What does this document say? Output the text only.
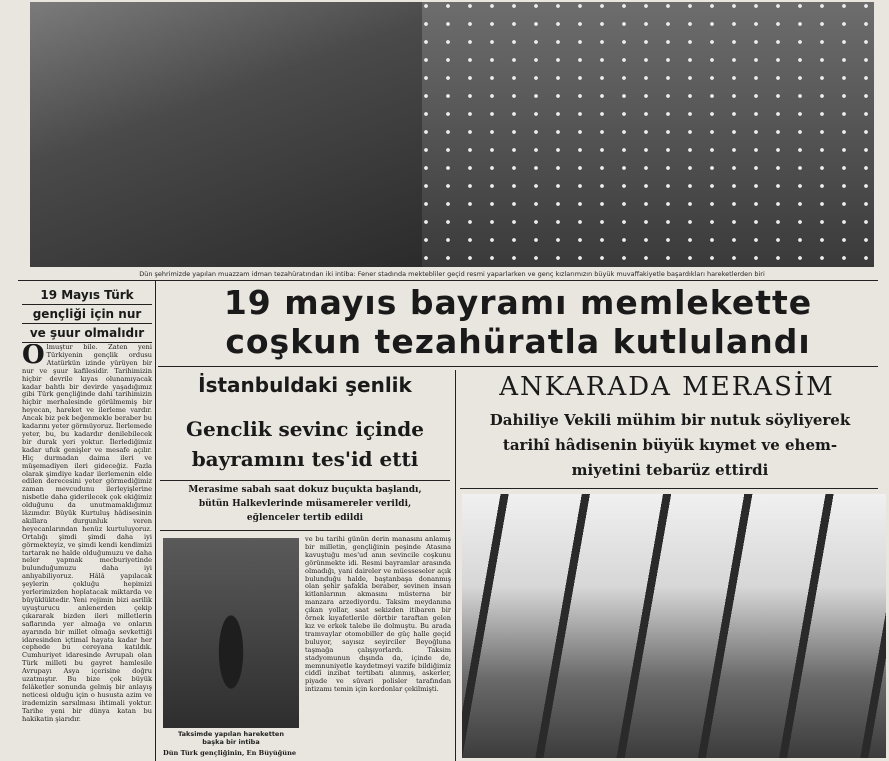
Dün şehrimizde yapılan muazzam idman tezahüratından iki intiba: Fener stadında mektebliler geçid resmi yaparlarken ve genç kızlarımızın büyük muvaffakiyetle başardıkları hareketlerden biri
19 mayıs bayramı memlekette
coşkun tezahüratla kutlulandı
19 Mayıs Türk
gençliği için nur
ve şuur olmalıdır
Olmuştur bile. Zaten yeni Türkiyenin gençlik ordusu Atatürkün izinde yürüyen bir nur ve şuur kafilesidir. Tarihimizin hiçbir devrile kıyas olunamıyacak kadar bahtlı bir devirde yaşadığımız gibi Türk gençliğinde dahi tarihimizin hiçbir merhalesinde görülmemiş bir heyecan, hareket ve ilerleme vardır. Ancak biz pek beğenmekle beraber bu kadarını yeter görmüyoruz. İlerlemede yeter, bu, bu kadardır denilebilecek bir durak yeri yoktur. İlerlediğimiz kadar ufuk genişler ve mesafe açılır. Hiç durmadan daima ileri ve müşemadiyen ileri gideceğiz. Fazla olarak şimdiye kadar ilerlemenin elde edilen derecesini yeter görmediğimiz zaman mevcudunu ilerleyişlerine nisbetle daha giderilecek çok ekiğimiz olduğunu da unutmamaklığımız lâzımdır. Büyük Kurtuluş hâdisesinin akıllara durgunluk veren heyecanlarından henüz kurtuluyoruz. Ortalığı şimdi şimdi daha iyi görmekteyiz, ve şimdi kendi kendimizi tartarak ne halde olduğumuzu ve daha neler yapmak mecburiyetinde bulunduğumuzu daha iyi anlıyabiliyoruz. Hâlâ yapılacak şeylerin çokluğu hepimizi yerlerimizden hoplatacak miktarda ve büyüklüktedir. Yeni rejimin bizi asrilik uyuşturucu anlenerden çekip çıkararak bizden ileri milletlerin saflarında yer almağa ve onların ayarında bir millet olmağa sevkettiği idaresinden içtimaî hayata kadar her cephede bu cereyana katıldık. Cumhuriyet idaresinde Avrupalı olan Türk milleti bu gayret hamlesile Avrupayı Asya içerisine doğru uzatmıştır. Bu bize çok büyük felâketler sonunda gelmiş bir anlayış neticesi olduğu için o hususta azim ve irademizin sarsılması ihtimali yoktur. Tarihe yeni bir dünya katan bu hakikatin şiarıdır.
İstanbuldaki şenlik
Genclik sevinc içinde
bayramını tes'id etti
Merasime sabah saat dokuz buçukta başlandı,
bütün Halkevlerinde müsamereler verildi,
eğlenceler tertib edildi
Taksimde yapılan hareketten
başka bir intiba
Dün Türk gençliğinin, En Büyüğüne
ve bu tarihi günün derin manasını anlamış bir milletin, gençliğinin peşinde Atasına kavuştuğu mes'ud anın sevincile coşkunu görünmekte idi. Resmi bayramlar arasında olmadığı, yani daireler ve müesseseler açık bulunduğu halde, baştanbaşa donanmış olan şehir şafakla beraber, sevinen insan kitlanlarının akmasını müsterna bir manzara arzediyordu. Taksim meydanına çıkan yollar, saat sekizden itibaren bir örnek kıyafetlerile dörtbir taraftan gelen kız ve erkek talebe ile dolmuştu. Bu arada tramvaylar otomobiller de güç halle geçid buluyor, sayısız seyirciler Beyoğluna taşmağa çalışıyorlardı. Taksim stadyomunun dışında da, içinde de, memnuniyetle kaydetmeyi vazife bildiğimiz ciddî inzibat tertibatı alınmış, askerler, piyade ve süvari polisler tarafından intizamı temin için kordonlar çekilmişti.
ANKARADA MERASİM
Dahiliye Vekili mühim bir nutuk söyliyerek
tarihî hâdisenin büyük kıymet ve ehem-
miyetini tebarüz ettirdi
